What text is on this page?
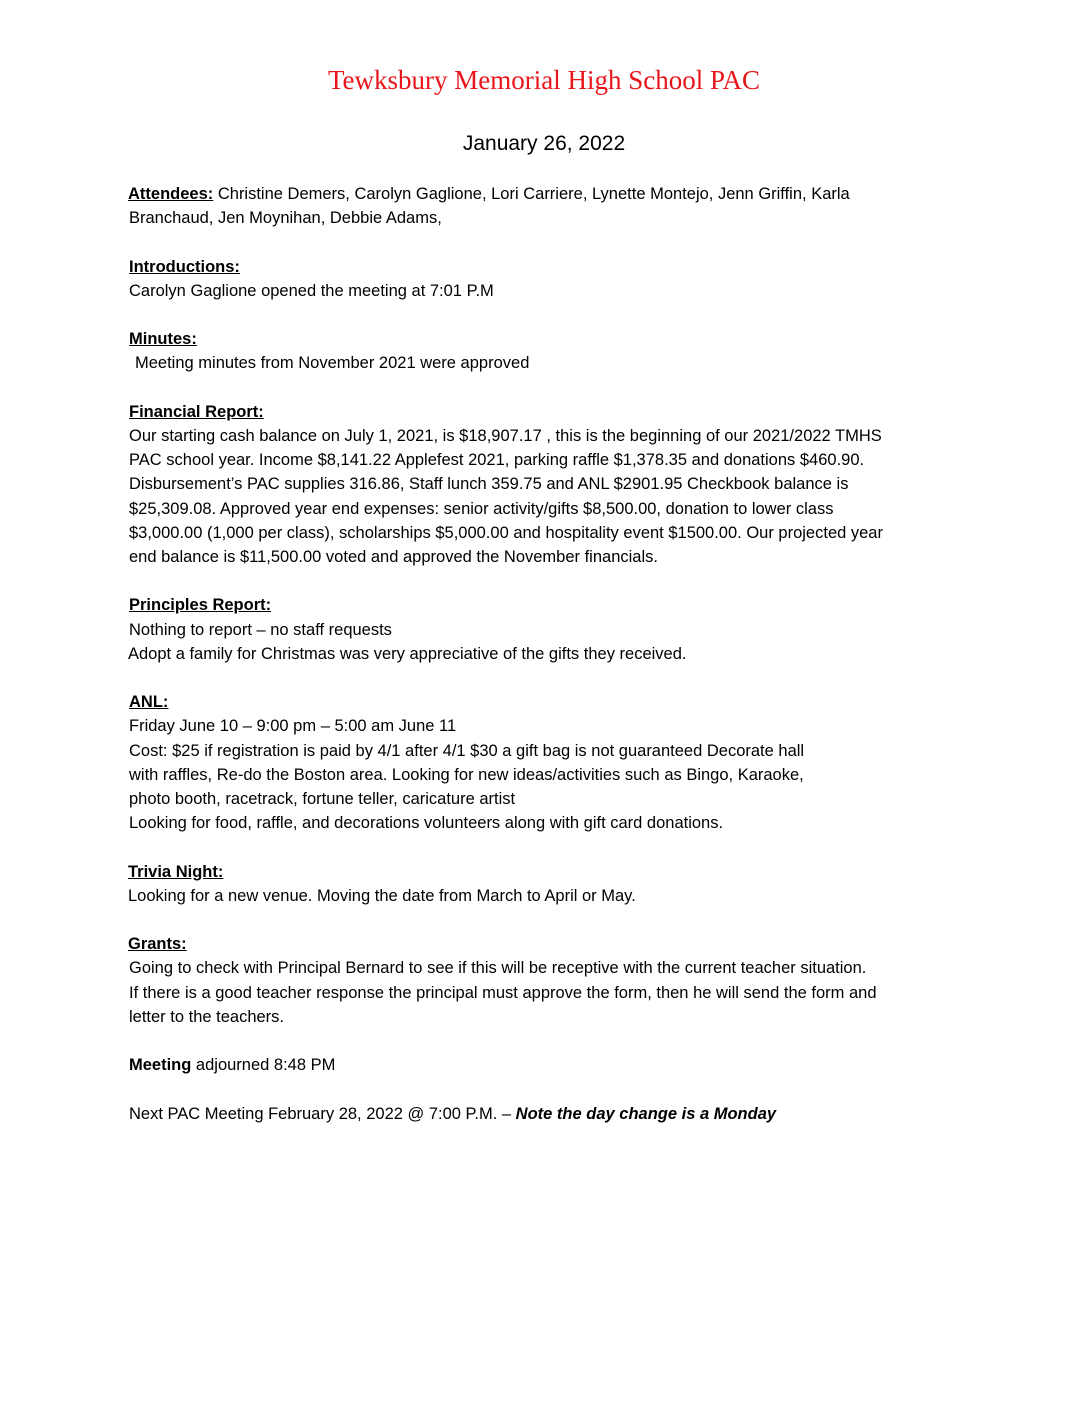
Tewksbury Memorial High School PAC
January 26, 2022
Attendees: Christine Demers, Carolyn Gaglione, Lori Carriere, Lynette Montejo, Jenn Griffin, Karla
Branchaud, Jen Moynihan, Debbie Adams,
Introductions:
Carolyn Gaglione opened the meeting at 7:01 P.M
Minutes:
Meeting minutes from November 2021 were approved
Financial Report:
Our starting cash balance on July 1, 2021, is $18,907.17 , this is the beginning of our 2021/2022 TMHS
PAC school year. Income $8,141.22 Applefest 2021, parking raffle $1,378.35 and donations $460.90.
Disbursement’s PAC supplies 316.86, Staff lunch 359.75 and ANL $2901.95 Checkbook balance is
$25,309.08. Approved year end expenses: senior activity/gifts $8,500.00, donation to lower class
$3,000.00 (1,000 per class), scholarships $5,000.00 and hospitality event $1500.00. Our projected year
end balance is $11,500.00 voted and approved the November financials.
Principles Report:
Nothing to report – no staff requests
Adopt a family for Christmas was very appreciative of the gifts they received.
ANL:
Friday June 10 – 9:00 pm – 5:00 am June 11
Cost: $25 if registration is paid by 4/1 after 4/1 $30 a gift bag is not guaranteed Decorate hall
with raffles, Re-do the Boston area. Looking for new ideas/activities such as Bingo, Karaoke,
photo booth, racetrack, fortune teller, caricature artist
Looking for food, raffle, and decorations volunteers along with gift card donations.
Trivia Night:
Looking for a new venue. Moving the date from March to April or May.
Grants:
Going to check with Principal Bernard to see if this will be receptive with the current teacher situation.
If there is a good teacher response the principal must approve the form, then he will send the form and
letter to the teachers.
Meeting adjourned 8:48 PM
Next PAC Meeting February 28, 2022 @ 7:00 P.M. – Note the day change is a Monday
